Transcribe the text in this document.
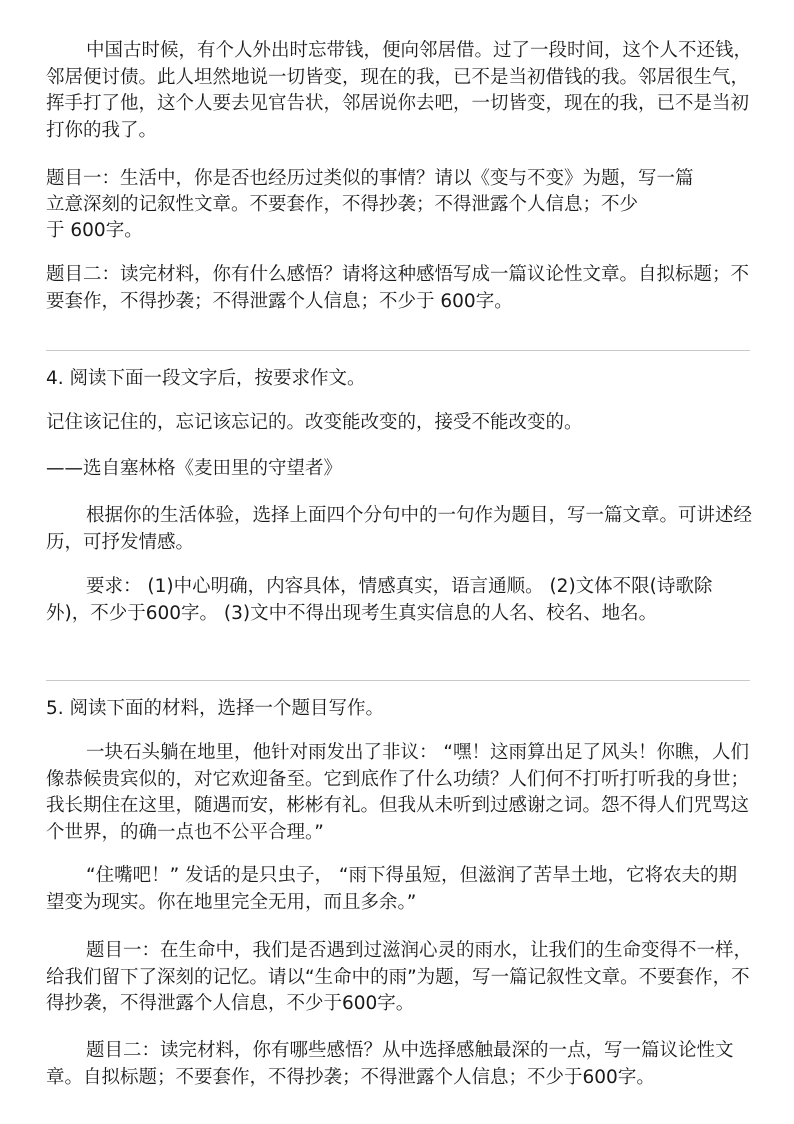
中国古时候，有个人外出时忘带钱，便向邻居借。过了一段时间，这个人不还钱，邻居便讨债。此人坦然地说一切皆变，现在的我，已不是当初借钱的我。邻居很生气，挥手打了他，这个人要去见官告状，邻居说你去吧，一切皆变，现在的我，已不是当初打你的我了。

题目一：生活中，你是否也经历过类似的事情？请以《变与不变》为题，写一篇

立意深刻的记叙性文章。不要套作，不得抄袭；不得泄露个人信息；不少

于 600字。

题目二：读完材料，你有什么感悟？请将这种感悟写成一篇议论性文章。自拟标题；不要套作，不得抄袭；不得泄露个人信息；不少于 600字。

4. 阅读下面一段文字后，按要求作文。

记住该记住的，忘记该忘记的。改变能改变的，接受不能改变的。

——选自塞林格《麦田里的守望者》

根据你的生活体验，选择上面四个分句中的一句作为题目，写一篇文章。可讲述经历，可抒发情感。

要求： (1)中心明确，内容具体，情感真实，语言通顺。 (2)文体不限(诗歌除外)，不少于600字。 (3)文中不得出现考生真实信息的人名、校名、地名。

5. 阅读下面的材料，选择一个题目写作。

一块石头躺在地里，他针对雨发出了非议： “嘿！这雨算出足了风头！你瞧，人们像恭候贵宾似的，对它欢迎备至。它到底作了什么功绩？人们何不打听打听我的身世；我长期住在这里，随遇而安，彬彬有礼。但我从未听到过感谢之词。怨不得人们咒骂这个世界，的确一点也不公平合理。”

“住嘴吧！” 发话的是只虫子， “雨下得虽短，但滋润了苦旱土地，它将农夫的期望变为现实。你在地里完全无用，而且多余。”

题目一：在生命中，我们是否遇到过滋润心灵的雨水，让我们的生命变得不一样，给我们留下了深刻的记忆。请以“生命中的雨”为题，写一篇记叙性文章。不要套作，不得抄袭，不得泄露个人信息，不少于600字。

题目二：读完材料，你有哪些感悟？从中选择感触最深的一点，写一篇议论性文章。自拟标题；不要套作，不得抄袭；不得泄露个人信息；不少于600字。
